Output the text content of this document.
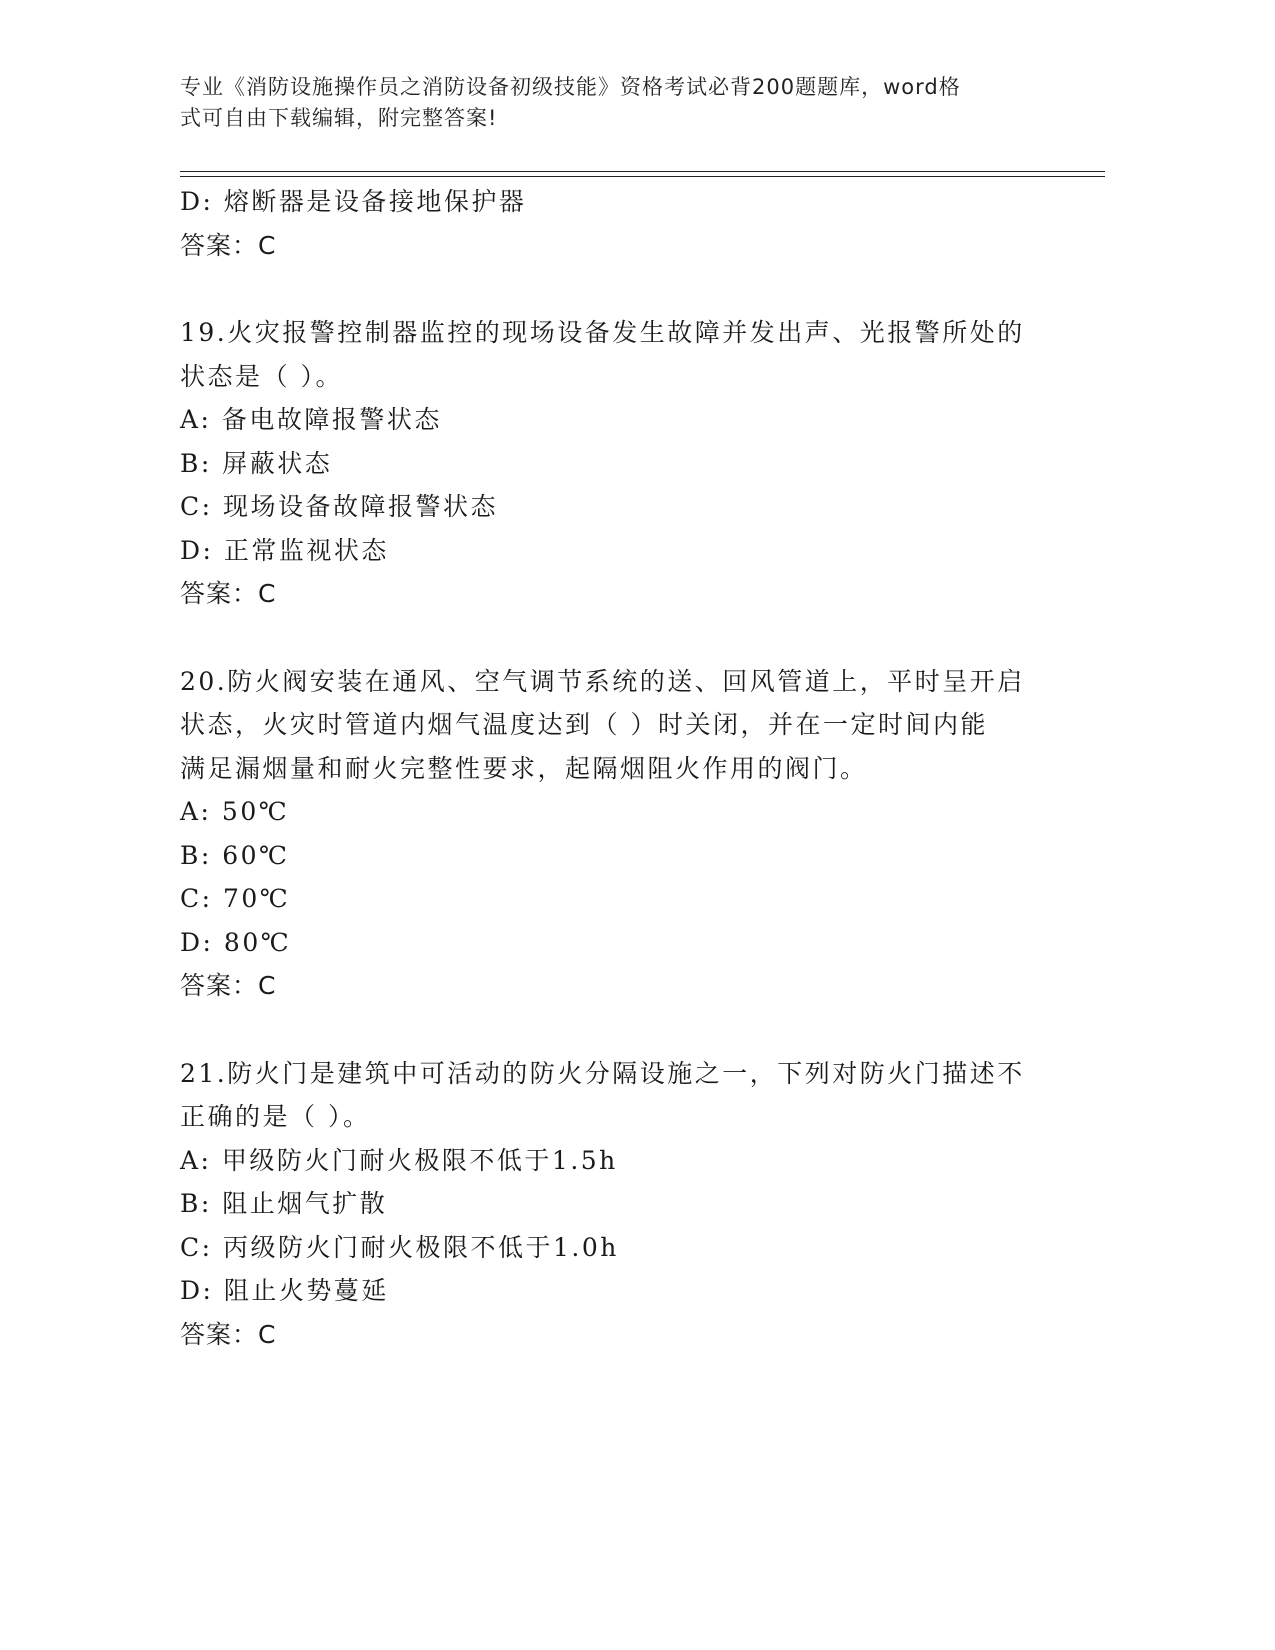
专业《消防设施操作员之消防设备初级技能》资格考试必背200题题库，word格
式可自由下载编辑，附完整答案!
D: 熔断器是设备接地保护器
答案：C
19.火灾报警控制器监控的现场设备发生故障并发出声、光报警所处的
状态是（ ）。
A: 备电故障报警状态
B: 屏蔽状态
C: 现场设备故障报警状态
D: 正常监视状态
答案：C
20.防火阀安装在通风、空气调节系统的送、回风管道上，平时呈开启
状态，火灾时管道内烟气温度达到（ ）时关闭，并在一定时间内能
满足漏烟量和耐火完整性要求，起隔烟阻火作用的阀门。
A: 50℃
B: 60℃
C: 70℃
D: 80℃
答案：C
21.防火门是建筑中可活动的防火分隔设施之一，下列对防火门描述不
正确的是（ ）。
A: 甲级防火门耐火极限不低于1.5h
B: 阻止烟气扩散
C: 丙级防火门耐火极限不低于1.0h
D: 阻止火势蔓延
答案：C
